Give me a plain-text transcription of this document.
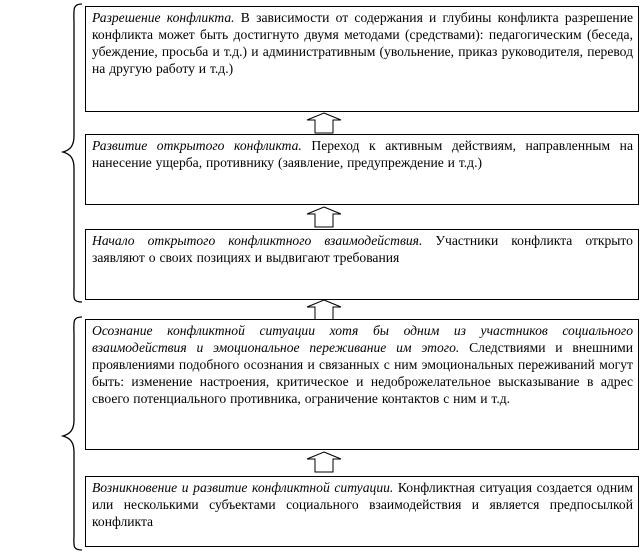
Разрешение конфликта. В зависимости от содержания и глубины конфликта разрешение конфликта может быть достигнуто двумя методами (средствами): педагогическим (беседа, убеждение, просьба и т.д.) и административным (увольнение, приказ руководителя, перевод на другую работу и т.д.)
Развитие открытого конфликта. Переход к активным действиям, направленным на нанесение ущерба, противнику (заявление, предупреждение и т.д.)
Начало открытого конфликтного взаимодействия. Участники конфликта открыто заявляют о своих позициях и выдвигают требования
Осознание конфликтной ситуации хотя бы одним из участников социального взаимодействия и эмоциональное переживание им этого. Следствиями и внешними проявлениями подобного осознания и связанных с ним эмоциональных переживаний могут быть: изменение настроения, критическое и недоброжелательное высказывание в адрес своего потенциального противника, ограничение контактов с ним и т.д.
Возникновение и развитие конфликтной ситуации. Конфликтная ситуация создается одним или несколькими субъектами социального взаимодействия и является предпосылкой конфликта
